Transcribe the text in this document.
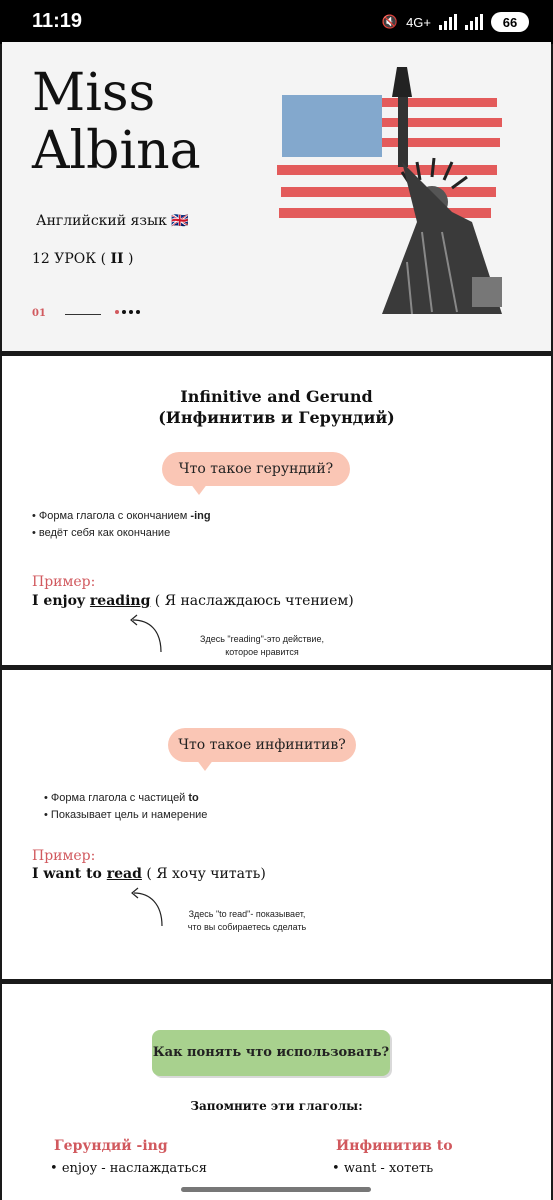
11:19	🔇 4G+	66
Miss
Albina
Английский язык 🇬🇧
12 УРОК ( II )
01
Infinitive and Gerund
(Инфинитив и Герундий)
Что такое герундий?
• Форма глагола с окончанием -ing
• ведёт себя как окончание
Пример:
I enjoy reading ( Я наслаждаюсь чтением)
Здесь "reading"-это действие,
которое нравится
Что такое инфинитив?
• Форма глагола с частицей to
• Показывает цель и намерение
Пример:
I want to read ( Я хочу читать)
Здесь "to read"- показывает,
что вы собираетесь сделать
Как понять что использовать?
Запомните эти глаголы:
Герундий -ing
• enjoy - наслаждаться
Инфинитив to
• want - хотеть
